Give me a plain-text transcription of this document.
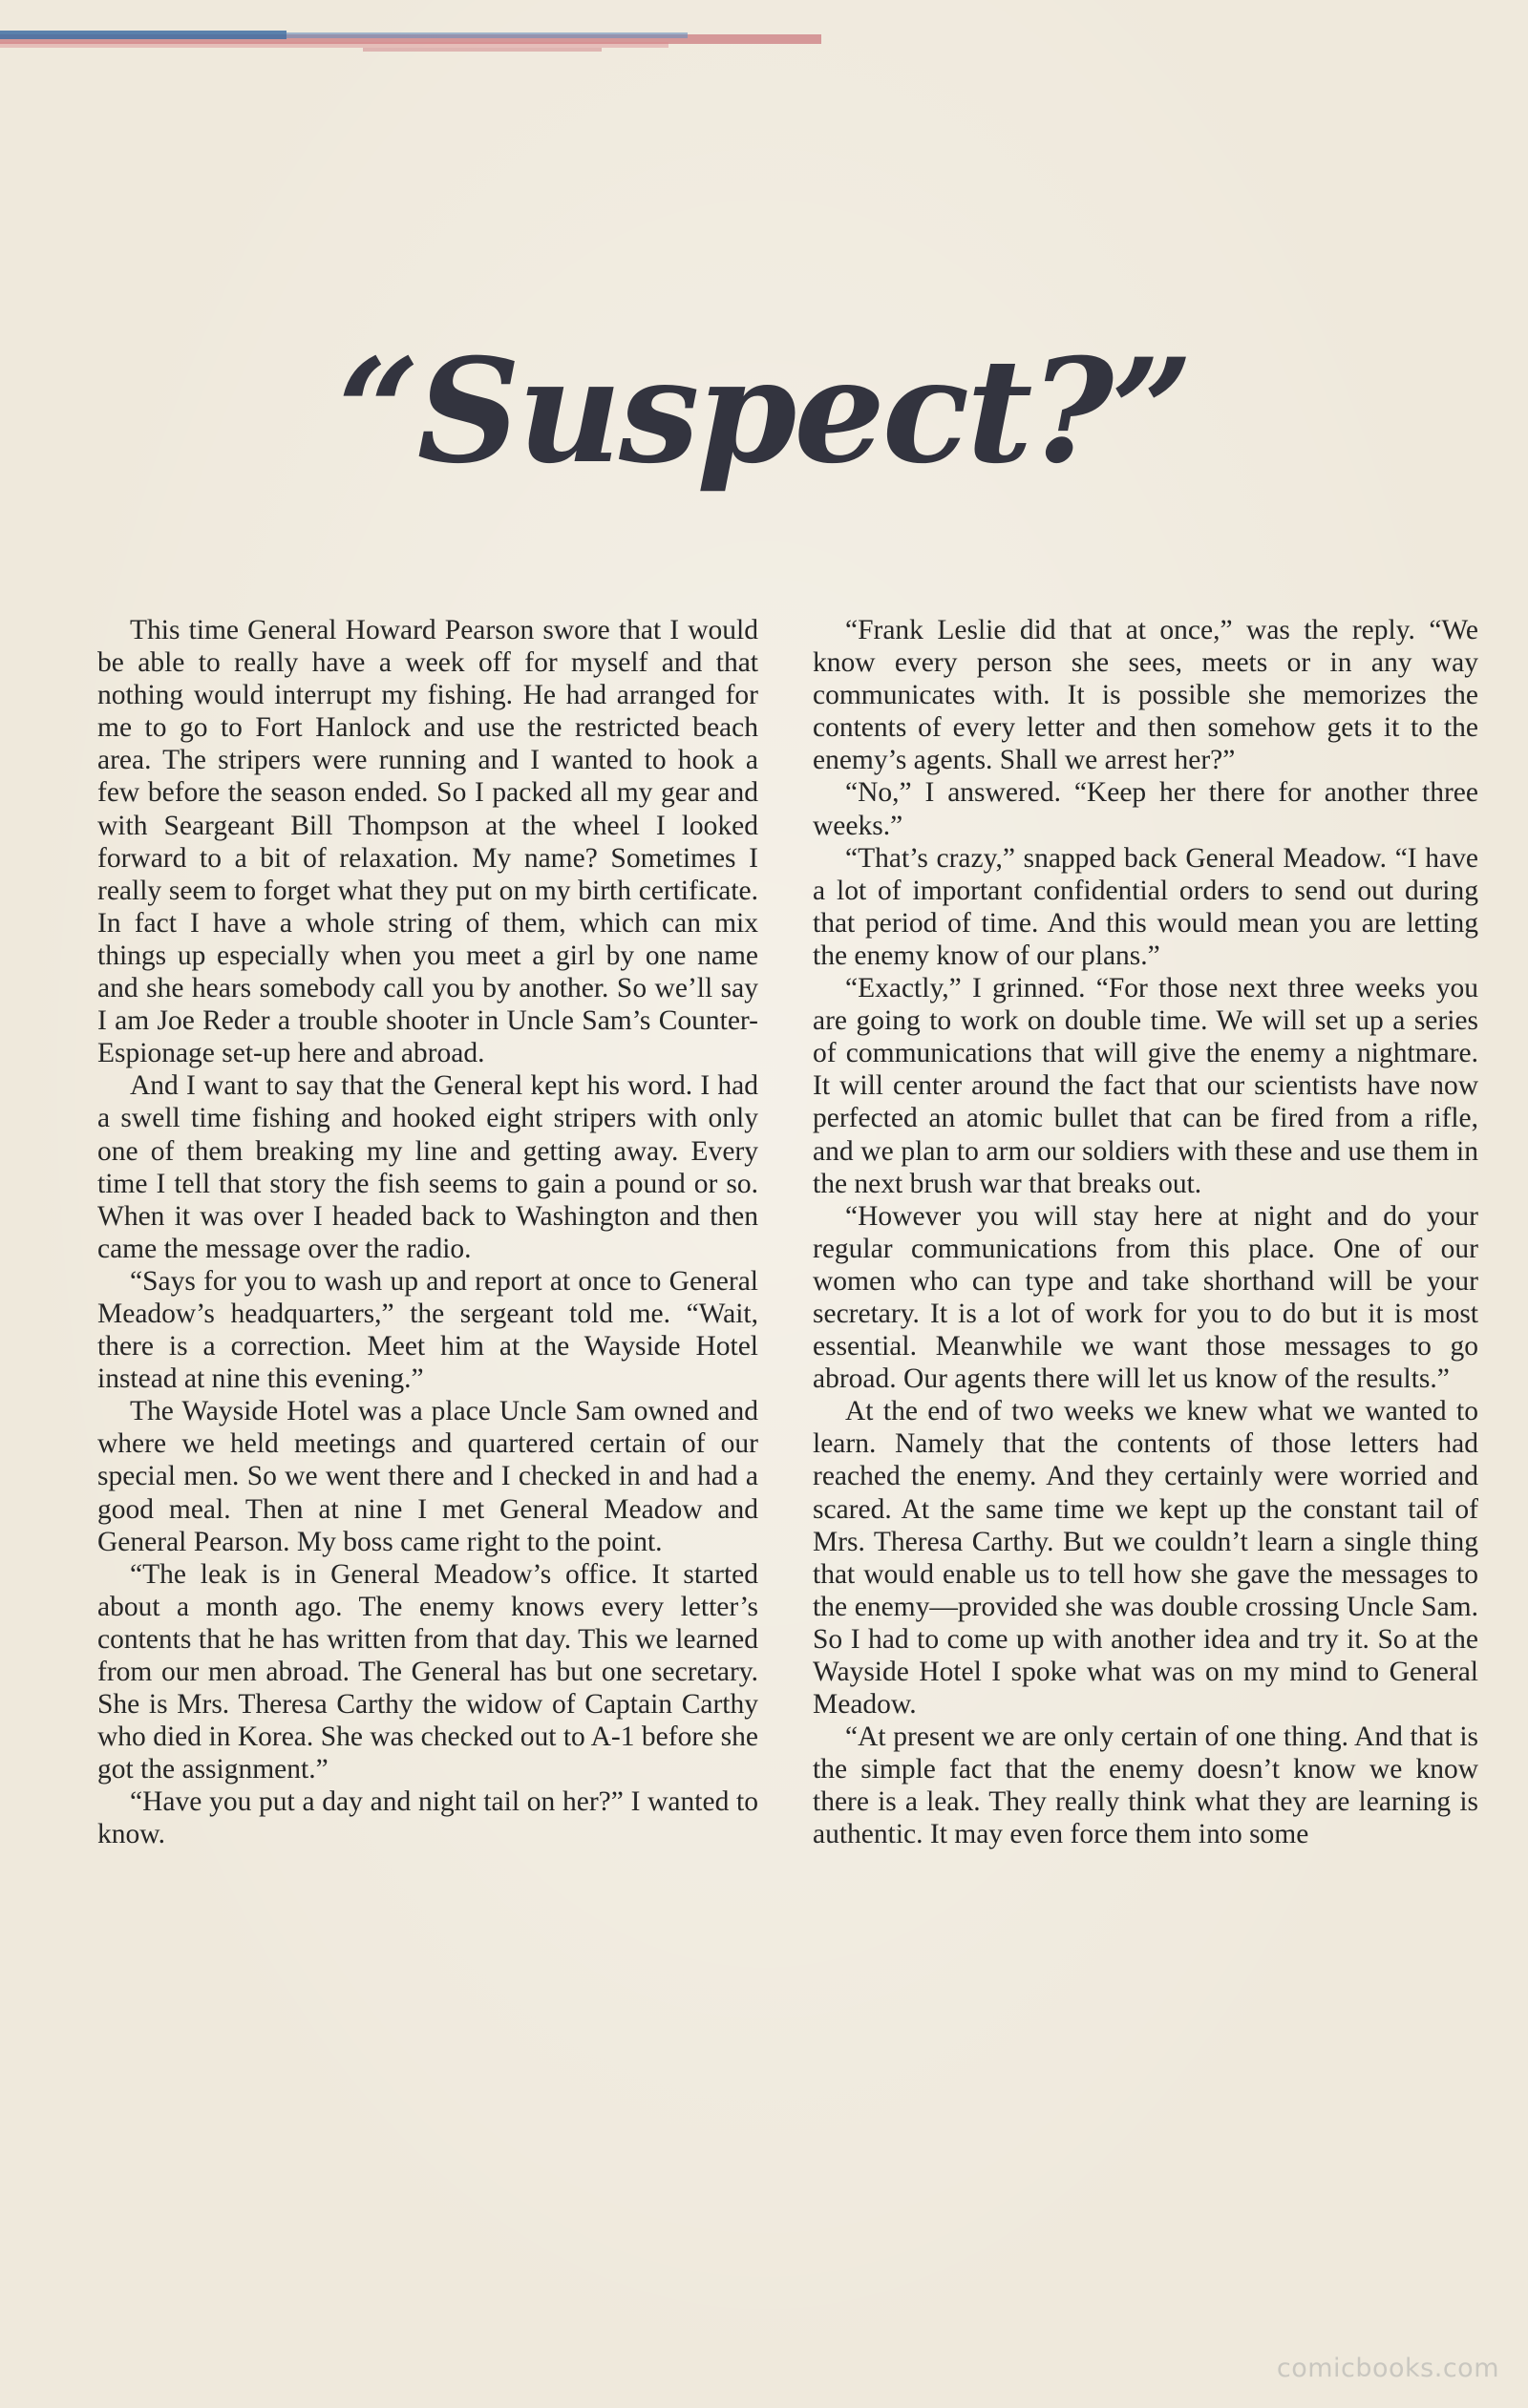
“Suspect?”

This time General Howard Pearson swore that I would be able to really have a week off for myself and that nothing would interrupt my fishing. He had arranged for me to go to Fort Hanlock and use the restricted beach area. The stripers were running and I wanted to hook a few before the season ended. So I packed all my gear and with Seargeant Bill Thompson at the wheel I looked forward to a bit of relaxation. My name? Sometimes I really seem to forget what they put on my birth certificate. In fact I have a whole string of them, which can mix things up especially when you meet a girl by one name and she hears somebody call you by another. So we’ll say I am Joe Reder a trouble shooter in Uncle Sam’s Counter-Espionage set-up here and abroad.

And I want to say that the General kept his word. I had a swell time fishing and hooked eight stripers with only one of them breaking my line and getting away. Every time I tell that story the fish seems to gain a pound or so. When it was over I headed back to Washington and then came the message over the radio.

“Says for you to wash up and report at once to General Meadow’s headquarters,” the sergeant told me. “Wait, there is a correction. Meet him at the Wayside Hotel instead at nine this evening.”

The Wayside Hotel was a place Uncle Sam owned and where we held meetings and quartered certain of our special men. So we went there and I checked in and had a good meal. Then at nine I met General Meadow and General Pearson. My boss came right to the point.

“The leak is in General Meadow’s office. It started about a month ago. The enemy knows every letter’s contents that he has written from that day. This we learned from our men abroad. The General has but one secretary. She is Mrs. Theresa Carthy the widow of Captain Carthy who died in Korea. She was checked out to A-1 before she got the assignment.”

“Have you put a day and night tail on her?” I wanted to know.

“Frank Leslie did that at once,” was the reply. “We know every person she sees, meets or in any way communicates with. It is possible she memorizes the contents of every letter and then somehow gets it to the enemy’s agents. Shall we arrest her?”

“No,” I answered. “Keep her there for another three weeks.”

“That’s crazy,” snapped back General Meadow. “I have a lot of important confidential orders to send out during that period of time. And this would mean you are letting the enemy know of our plans.”

“Exactly,” I grinned. “For those next three weeks you are going to work on double time. We will set up a series of communications that will give the enemy a nightmare. It will center around the fact that our scientists have now perfected an atomic bullet that can be fired from a rifle, and we plan to arm our soldiers with these and use them in the next brush war that breaks out.

“However you will stay here at night and do your regular communications from this place. One of our women who can type and take shorthand will be your secretary. It is a lot of work for you to do but it is most essential. Meanwhile we want those messages to go abroad. Our agents there will let us know of the results.”

At the end of two weeks we knew what we wanted to learn. Namely that the contents of those letters had reached the enemy. And they certainly were worried and scared. At the same time we kept up the constant tail of Mrs. Theresa Carthy. But we couldn’t learn a single thing that would enable us to tell how she gave the messages to the enemy—provided she was double crossing Uncle Sam. So I had to come up with another idea and try it. So at the Wayside Hotel I spoke what was on my mind to General Meadow.

“At present we are only certain of one thing. And that is the simple fact that the enemy doesn’t know we know there is a leak. They really think what they are learning is authentic. It may even force them into some

comicbooks.com
